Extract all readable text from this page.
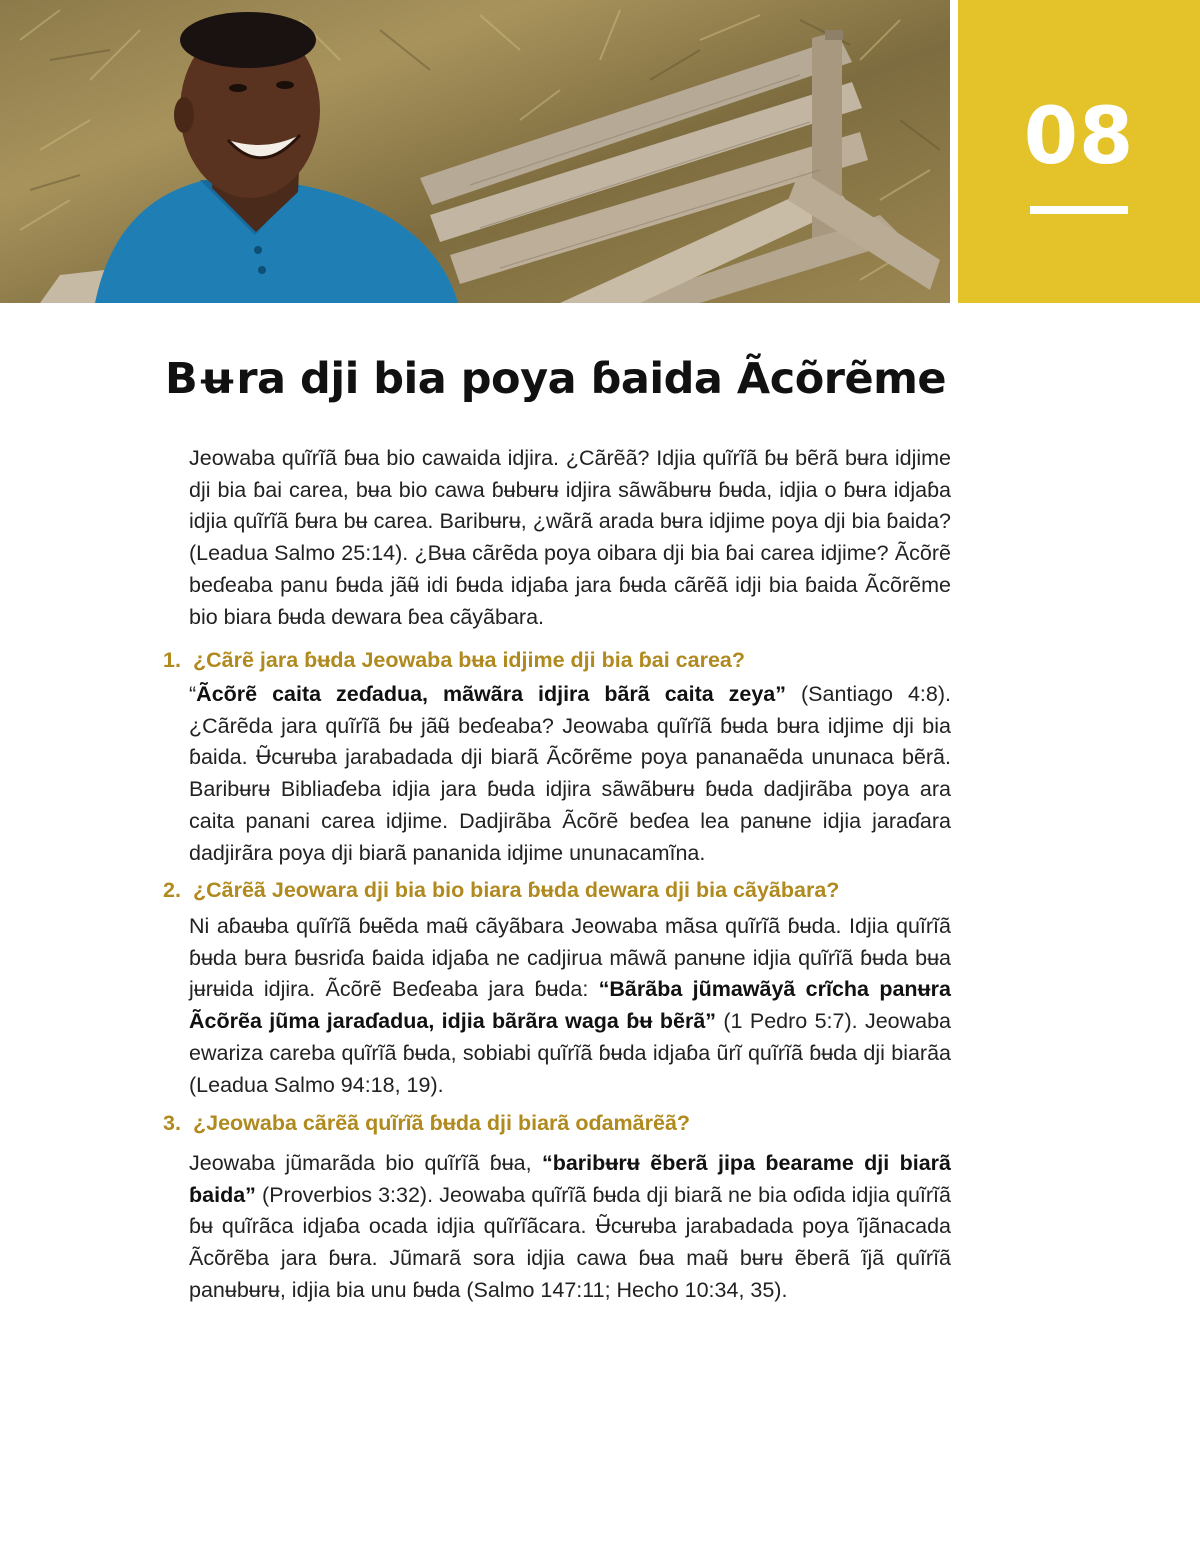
08
Bʉra dji bia poya ɓaida Ãcõrẽme

Jeowaba quĩrĩã ɓʉa bio cawaida idjira. ¿Cãrẽã? Idjia quĩrĩã ɓʉ bẽrã bʉra idjime dji bia ɓai carea, bʉa bio cawa ɓʉbʉrʉ idjira sãwãbʉrʉ ɓʉda, idjia o ɓʉra idjaɓa idjia quĩrĩã ɓʉra bʉ carea. Baribʉrʉ, ¿wãrã arada bʉra idjime poya dji bia ɓaida? (Leadua Salmo 25:14). ¿Bʉa cãrẽda poya oibara dji bia ɓai carea idjime? Ãcõrẽ beɗeaba panu ɓʉda jãʉ̃ idi ɓʉda idjaɓa jara ɓʉda cãrẽã idji bia ɓaida Ãcõrẽme bio biara ɓʉda dewara ɓea cãyãbara.

1. ¿Cãrẽ jara ɓʉda Jeowaba bʉa idjime dji bia ɓai carea?

“Ãcõrẽ caita zeɗadua, mãwãra idjira bãrã caita zeya” (Santiago 4:8). ¿Cãrẽda jara quĩrĩã ɓʉ jãʉ̃ beɗeaba? Jeowaba quĩrĩã ɓʉda bʉra idjime dji bia ɓaida. Ʉ̃cʉrʉba jarabadada dji biarã Ãcõrẽme poya pananaẽda ununaca bẽrã. Baribʉrʉ Bibliaɗeba idjia jara ɓʉda idjira sãwãbʉrʉ ɓʉda dadjirãba poya ara caita panani carea idjime. Dadjirãba Ãcõrẽ beɗea lea panʉne idjia jaraɗara dadjirãra poya dji biarã pananida idjime ununacamĩna.

2. ¿Cãrẽã Jeowara dji bia bio biara ɓʉda dewara dji bia cãyãbara?

Ni aɓaʉba quĩrĩã ɓʉẽda maʉ̃ cãyãbara Jeowaba mãsa quĩrĩã ɓʉda. Idjia quĩrĩã ɓʉda bʉra ɓʉsriɗa ɓaida idjaɓa ne cadjirua mãwã panʉne idjia quĩrĩã ɓʉda bʉa jʉrʉida idjira. Ãcõrẽ Beɗeaba jara ɓʉda: “Bãrãba jũmawãyã crĩcha panʉra Ãcõrẽa jũma jaraɗadua, idjia bãrãra waga ɓʉ bẽrã” (1 Pedro 5:7). Jeowaba ewariza careba quĩrĩã ɓʉda, sobiabi quĩrĩã ɓʉda idjaɓa ũrĩ quĩrĩã ɓʉda dji biarãa (Leadua Salmo 94:18, 19).

3. ¿Jeowaba cãrẽã quĩrĩã ɓʉda dji biarã oɗamãrẽã?

Jeowaba jũmarãda bio quĩrĩã ɓʉa, “baribʉrʉ ẽberã jipa ɓearame dji biarã ɓaida” (Proverbios 3:32). Jeowaba quĩrĩã ɓʉda dji biarã ne bia oɗida idjia quĩrĩã ɓʉ quĩrãca idjaɓa ocada idjia quĩrĩãcara. Ʉ̃cʉrʉba jarabadada poya ĩjãnacada Ãcõrẽba jara ɓʉra. Jũmarã sora idjia cawa ɓʉa maʉ̃ bʉrʉ ẽberã ĩjã quĩrĩã panʉbʉrʉ, idjia bia unu ɓʉda (Salmo 147:11; Hecho 10:34, 35).
